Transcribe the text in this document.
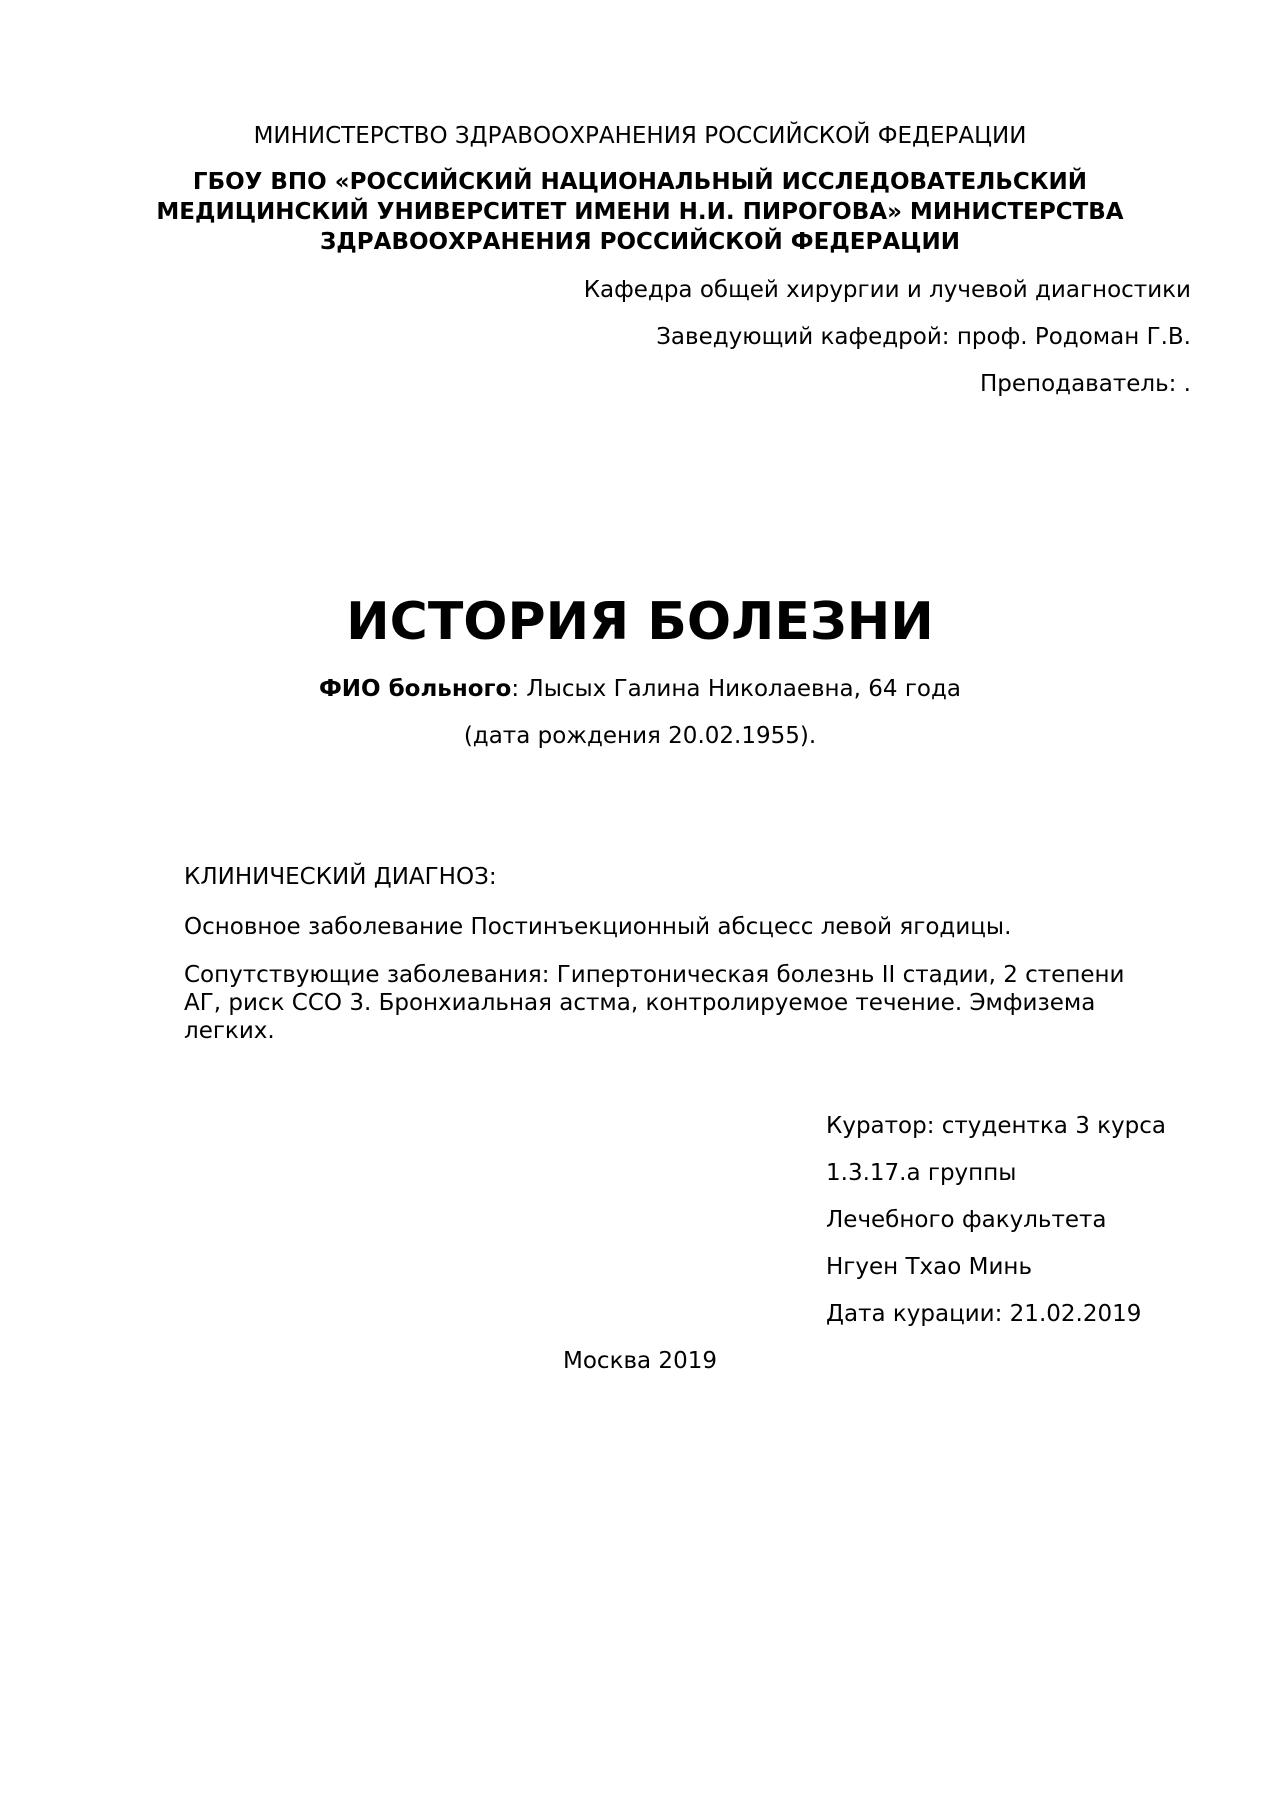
МИНИСТЕРСТВО ЗДРАВООХРАНЕНИЯ РОССИЙСКОЙ ФЕДЕРАЦИИ
ГБОУ ВПО «РОССИЙСКИЙ НАЦИОНАЛЬНЫЙ ИССЛЕДОВАТЕЛЬСКИЙ
МЕДИЦИНСКИЙ УНИВЕРСИТЕТ ИМЕНИ Н.И. ПИРОГОВА» МИНИСТЕРСТВА
ЗДРАВООХРАНЕНИЯ РОССИЙСКОЙ ФЕДЕРАЦИИ
Кафедра общей хирургии и лучевой диагностики
Заведующий кафедрой: проф. Родоман Г.В.
Преподаватель: .
ИСТОРИЯ БОЛЕЗНИ
ФИО больного: Лысых Галина Николаевна, 64 года
(дата рождения 20.02.1955).
КЛИНИЧЕСКИЙ ДИАГНОЗ:
Основное заболевание Постинъекционный абсцесс левой ягодицы.
Сопутствующие заболевания: Гипертоническая болезнь II стадии, 2 степени
АГ, риск ССО 3. Бронхиальная астма, контролируемое течение. Эмфизема
легких.
Куратор: студентка 3 курса
1.3.17.а группы
Лечебного факультета
Нгуен Тхао Минь
Дата курации: 21.02.2019
Москва 2019
